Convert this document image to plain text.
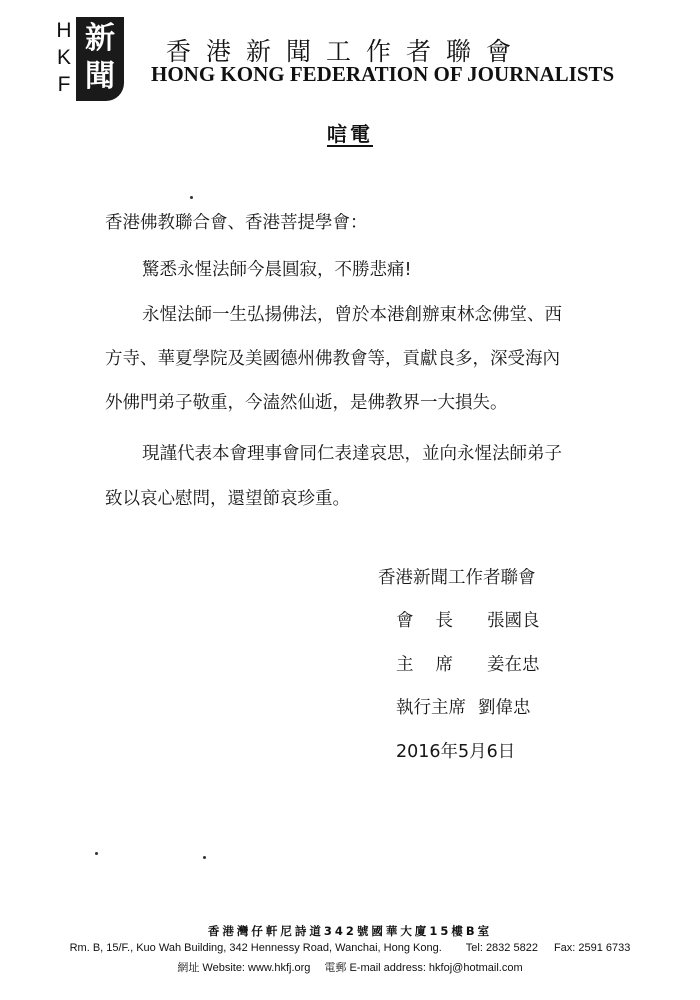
H
K
F
新
聞
香港新聞工作者聯會
HONG KONG FEDERATION OF JOURNALISTS
唁電
香港佛教聯合會、香港菩提學會：
驚悉永惺法師今晨圓寂，不勝悲痛!
永惺法師一生弘揚佛法，曾於本港創辦東林念佛堂、西
方寺、華夏學院及美國德州佛教會等，貢獻良多，深受海內
外佛門弟子敬重，今溘然仙逝，是佛教界一大損失。
現謹代表本會理事會同仁表達哀思，並向永惺法師弟子
致以哀心慰問，還望節哀珍重。
香港新聞工作者聯會
會長 張國良
主席 姜在忠
執行主席 劉偉忠
2016年5月6日
香港灣仔軒尼詩道342號國華大廈15樓B室
Rm. B, 15/F., Kuo Wah Building, 342 Hennessy Road, Wanchai, Hong Kong. Tel: 2832 5822 Fax: 2591 6733
網址 Website: www.hkfj.org 電郵 E-mail address: hkfoj@hotmail.com
